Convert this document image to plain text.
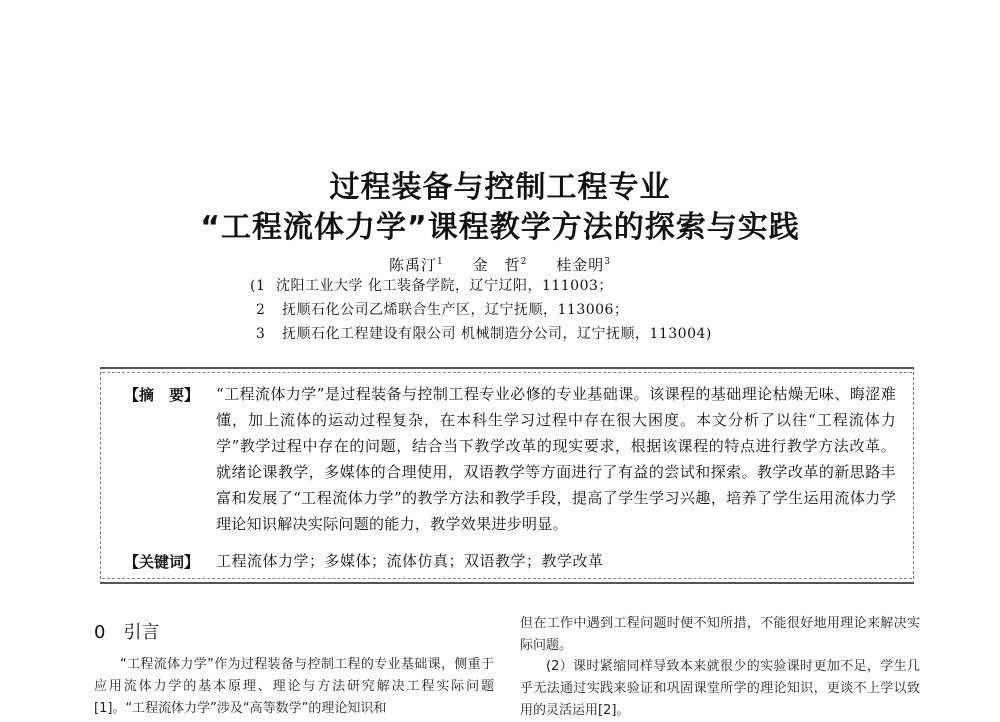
过程装备与控制工程专业
“工程流体力学”课程教学方法的探索与实践
陈禹汀$^1$ 金　哲$^2$ 桂金明$^3$
(1 沈阳工业大学 化工装备学院，辽宁辽阳，111003；
2 抚顺石化公司乙烯联合生产区，辽宁抚顺，113006；
3 抚顺石化工程建设有限公司 机械制造分公司，辽宁抚顺，113004)
【摘　要】 “工程流体力学”是过程装备与控制工程专业必修的专业基础课。该课程的基础理论枯燥无味、晦涩难懂，加上流体的运动过程复杂，在本科生学习过程中存在很大困度。本文分析了以往“工程流体力学”教学过程中存在的问题，结合当下教学改革的现实要求，根据该课程的特点进行教学方法改革。就绪论课教学，多媒体的合理使用，双语教学等方面进行了有益的尝试和探索。教学改革的新思路丰富和发展了“工程流体力学”的教学方法和教学手段，提高了学生学习兴趣，培养了学生运用流体力学理论知识解决实际问题的能力，教学效果进步明显。
【关键词】 工程流体力学；多媒体；流体仿真；双语教学；教学改革
0　引言
“工程流体力学”作为过程装备与控制工程的专业基础课，侧重于应用流体力学的基本原理、理论与方法研究解决工程实际问题[1]。“工程流体力学”涉及“高等数学”的理论知识和
但在工作中遇到工程问题时便不知所措，不能很好地用理论来解决实际问题。
(2）课时紧缩同样导致本来就很少的实验课时更加不足，学生几乎无法通过实践来验证和巩固课堂所学的理论知识，更谈不上学以致用的灵活运用[2]。
